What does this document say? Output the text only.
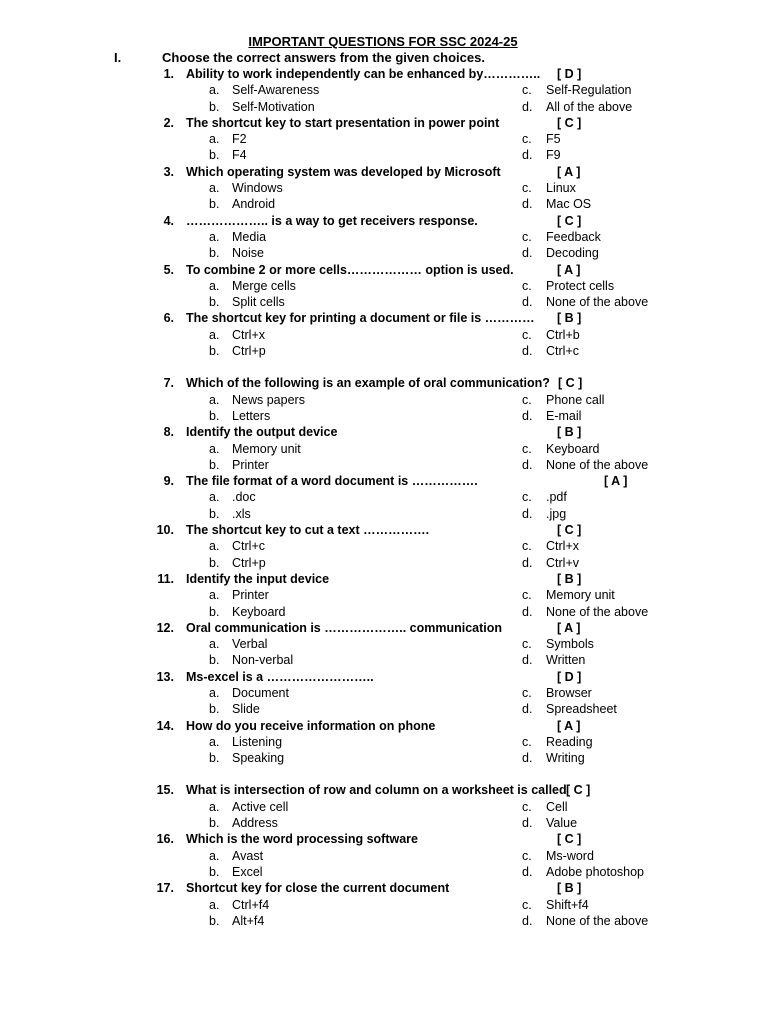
IMPORTANT QUESTIONS FOR SSC 2024-25
I.	Choose the correct answers from the given choices.
1. Ability to work independently can be enhanced by………….. [ D ]
a. Self-Awareness	c. Self-Regulation
b. Self-Motivation	d. All of the above
2. The shortcut key to start presentation in power point	[ C ]
a. F2	c. F5
b. F4	d. F9
3. Which operating system was developed by Microsoft	[ A ]
a. Windows	c. Linux
b. Android	d. Mac OS
4. ……………….. is a way to get receivers response.	[ C ]
a. Media	c. Feedback
b. Noise	d. Decoding
5. To combine 2 or more cells……………… option is used.	[ A ]
a. Merge cells	c. Protect cells
b. Split cells	d. None of the above
6. The shortcut key for printing a document or file is ………… [ B ]
a. Ctrl+x	c. Ctrl+b
b. Ctrl+p	d. Ctrl+c
7. Which of the following is an example of oral communication? [ C ]
a. News papers	c. Phone call
b. Letters	d. E-mail
8. Identify the output device	[ B ]
a. Memory unit	c. Keyboard
b. Printer	d. None of the above
9. The file format of a word document is …………….	[ A ]
a. .doc	c. .pdf
b. .xls	d. .jpg
10. The shortcut key to cut a text …………….	[ C ]
a. Ctrl+c	c. Ctrl+x
b. Ctrl+p	d. Ctrl+v
11. Identify the input device	[ B ]
a. Printer	c. Memory unit
b. Keyboard	d. None of the above
12. Oral communication is ……………….. communication	[ A ]
a. Verbal	c. Symbols
b. Non-verbal	d. Written
13. Ms-excel is a ……………………..	[ D ]
a. Document	c. Browser
b. Slide	d. Spreadsheet
14. How do you receive information on phone	[ A ]
a. Listening	c. Reading
b. Speaking	d. Writing
15. What is intersection of row and column on a worksheet is called [ C ]
a. Active cell	c. Cell
b. Address	d. Value
16. Which is the word processing software	[ C ]
a. Avast	c. Ms-word
b. Excel	d. Adobe photoshop
17. Shortcut key for close the current document	[ B ]
a. Ctrl+f4	c. Shift+f4
b. Alt+f4	d. None of the above
